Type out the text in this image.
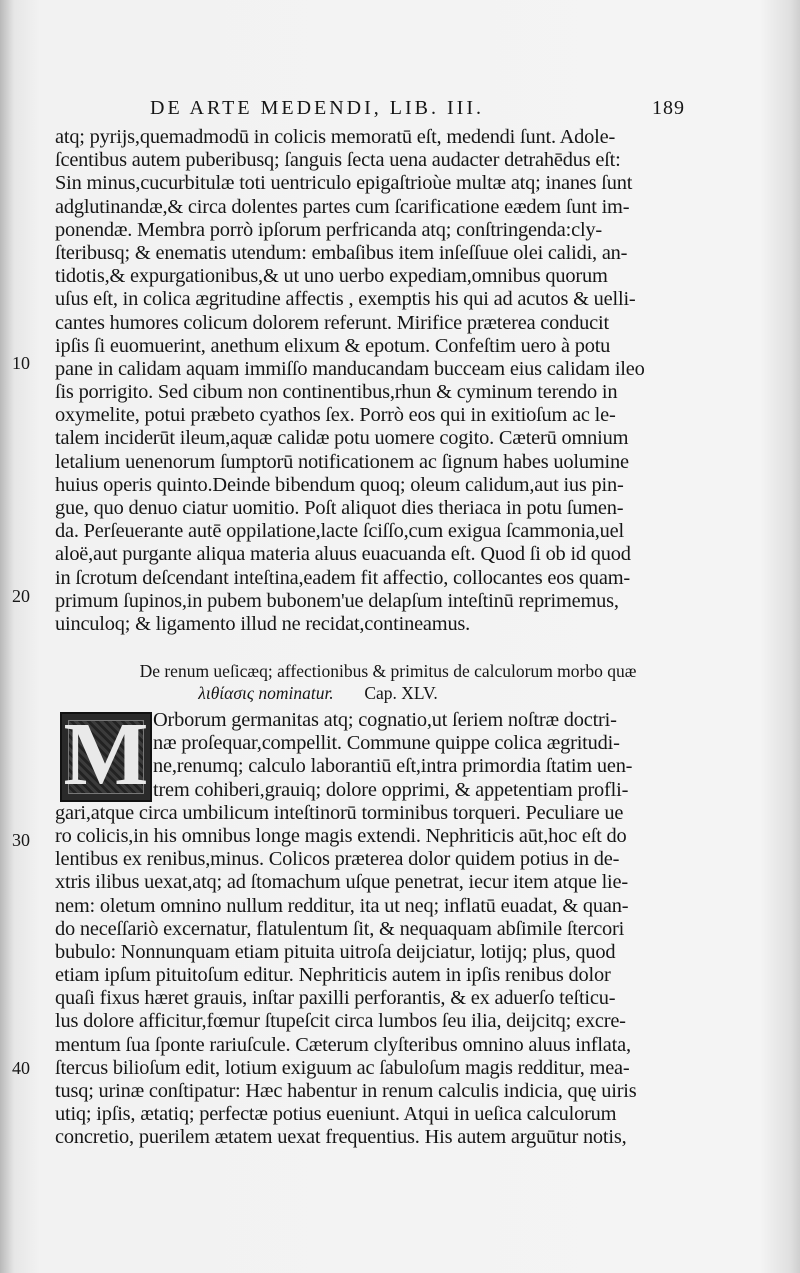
DE ARTE MEDENDI, LIB. III.	189
atq; pyrijs,quemadmodū in colicis memoratū eſt, medendi ſunt. Adole-
ſcentibus autem puberibusq; ſanguis ſecta uena audacter detrahēdus eſt:
Sin minus,cucurbitulæ toti uentriculo epigaſtrioùe multæ atq; inanes ſunt
adglutinandæ,& circa dolentes partes cum ſcarificatione eædem ſunt im-
ponendæ. Membra porrò ipſorum perfricanda atq; conſtringenda:cly-
ſteribusq; & enematis utendum: embaſibus item inſeſſuue olei calidi, an-
tidotis,& expurgationibus,& ut uno uerbo expediam,omnibus quorum
uſus eſt, in colica ægritudine affectis , exemptis his qui ad acutos & uelli-
cantes humores colicum dolorem referunt. Mirifice præterea conducit
ipſis ſi euomuerint, anethum elixum & epotum. Confeſtim uero à potu
pane in calidam aquam immiſſo manducandam bucceam eius calidam ileo
ſis porrigito. Sed cibum non continentibus,rhun & cyminum terendo in
oxymelite, potui præbeto cyathos ſex. Porrò eos qui in exitioſum ac le-
talem inciderūt ileum,aquæ calidæ potu uomere cogito. Cæterū omnium
letalium uenenorum ſumptorū notificationem ac ſignum habes uolumine
huius operis quinto.Deinde bibendum quoq; oleum calidum,aut ius pin-
gue, quo denuo ciatur uomitio. Poſt aliquot dies theriaca in potu ſumen-
da. Perſeuerante autē oppilatione,lacte ſciſſo,cum exigua ſcammonia,uel
aloë,aut purgante aliqua materia aluus euacuanda eſt. Quod ſi ob id quod
in ſcrotum deſcendant inteſtina,eadem fit affectio, collocantes eos quam-
primum ſupinos,in pubem bubonem'ue delapſum inteſtinū reprimemus,
uinculoq; & ligamento illud ne recidat,contineamus.
10
20
30
40
De renum ueſicæq; affectionibus & primitus de calculorum morbo quæ
λιθίασις nominatur. Cap. XLV.
M Orborum germanitas atq; cognatio,ut ſeriem noſtræ doctri-
næ proſequar,compellit. Commune quippe colica ægritudi-
ne,renumq; calculo laborantiū eſt,intra primordia ſtatim uen-
trem cohiberi,grauiq; dolore opprimi, & appetentiam profli-
gari,atque circa umbilicum inteſtinorū torminibus torqueri. Peculiare ue
ro colicis,in his omnibus longe magis extendi. Nephriticis aūt,hoc eſt do
lentibus ex renibus,minus. Colicos præterea dolor quidem potius in de-
xtris ilibus uexat,atq; ad ſtomachum uſque penetrat, iecur item atque lie-
nem: oletum omnino nullum redditur, ita ut neq; inflatū euadat, & quan-
do neceſſariò excernatur, flatulentum ſit, & nequaquam abſimile ſtercori
bubulo: Nonnunquam etiam pituita uitroſa deijciatur, lotijq; plus, quod
etiam ipſum pituitoſum editur. Nephriticis autem in ipſis renibus dolor
quaſi fixus hæret grauis, inſtar paxilli perforantis, & ex aduerſo teſticu-
lus dolore afficitur,fœmur ſtupeſcit circa lumbos ſeu ilia, deijcitq; excre-
mentum ſua ſponte rariuſcule. Cæterum clyſteribus omnino aluus inflata,
ſtercus bilioſum edit, lotium exiguum ac ſabuloſum magis redditur, mea-
tusq; urinæ conſtipatur: Hæc habentur in renum calculis indicia, quę uiris
utiq; ipſis, ætatiq; perfectæ potius eueniunt. Atqui in ueſica calculorum
concretio, puerilem ætatem uexat frequentius. His autem arguūtur notis,
